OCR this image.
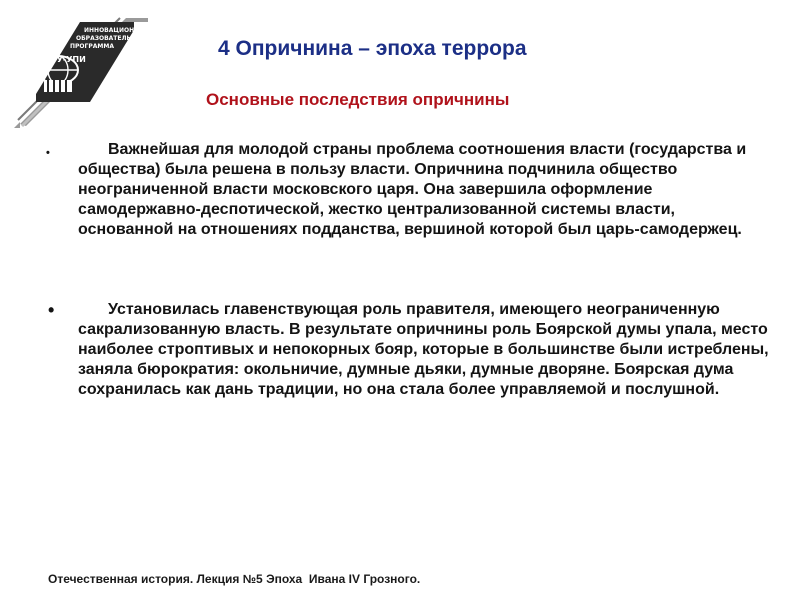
ИННОВАЦИОННАЯ
ОБРАЗОВАТЕЛЬНАЯ
ПРОГРАММА
УГТУ-УПИ	4 Опричнина – эпоха террора
Основные последствия опричнины
•	Важнейшая для молодой страны проблема соотношения власти (государства и общества) была решена в пользу власти. Опричнина подчинила общество неограниченной власти московского царя. Она завершила оформление самодержавно-деспотической, жестко централизованной системы власти, основанной на отношениях подданства, вершиной которой был царь-самодержец.

•	Установилась главенствующая роль правителя, имеющего неограниченную сакрализованную власть. В результате опричнины роль Боярской думы упала, место наиболее строптивых и непокорных бояр, которые в большинстве были истреблены, заняла бюрократия: окольничие, думные дьяки, думные дворяне. Боярская дума сохранилась как дань традиции, но она стала более управляемой и послушной.

Отечественная история. Лекция №5 Эпоха  Ивана IV Грозного.
